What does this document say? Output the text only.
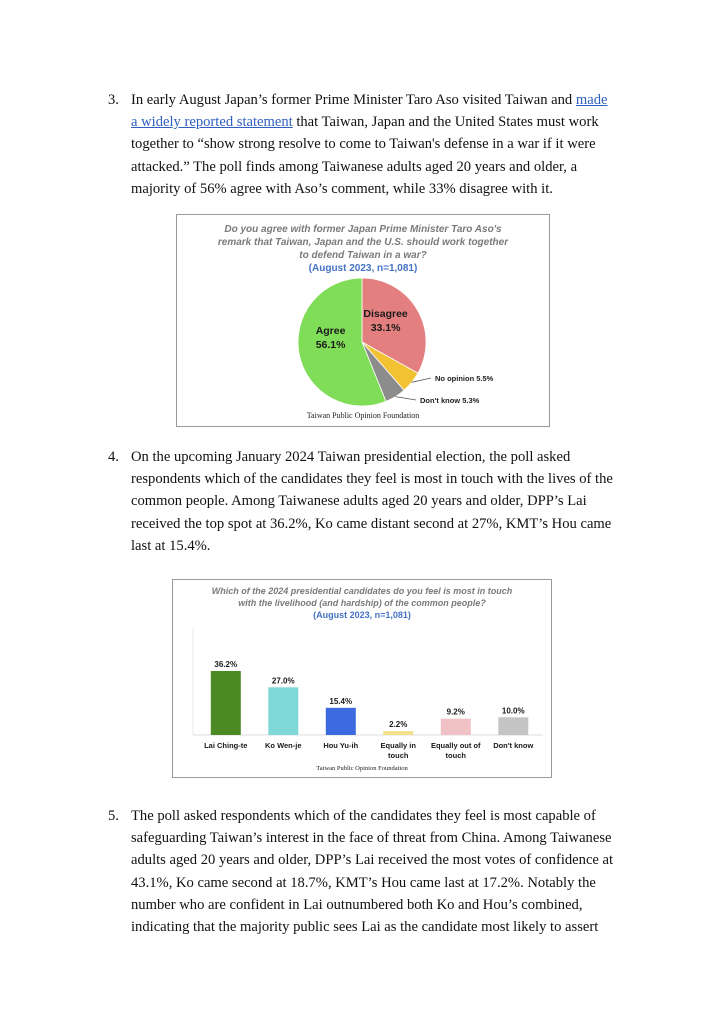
3. In early August Japan’s former Prime Minister Taro Aso visited Taiwan and made
a widely reported statement that Taiwan, Japan and the United States must work
together to “show strong resolve to come to Taiwan's defense in a war if it were
attacked.” The poll finds among Taiwanese adults aged 20 years and older, a
majority of 56% agree with Aso’s comment, while 33% disagree with it.
Do you agree with former Japan Prime Minister Taro Aso's
remark that Taiwan, Japan and the U.S. should work together
to defend Taiwan in a war?
(August 2023, n=1,081)
Disagree
33.1%
Agree
56.1%
No opinion 5.5%
Don't know 5.3%
Taiwan Public Opinion Foundation
4. On the upcoming January 2024 Taiwan presidential election, the poll asked
respondents which of the candidates they feel is most in touch with the lives of the
common people. Among Taiwanese adults aged 20 years and older, DPP’s Lai
received the top spot at 36.2%, Ko came distant second at 27%, KMT’s Hou came
last at 15.4%.
Which of the 2024 presidential candidates do you feel is most in touch
with the livelihood (and hardship) of the common people?
(August 2023, n=1,081)
36.2%
Lai Ching-te
27.0%
Ko Wen-je
15.4%
Hou Yu-ih
2.2%
Equally in
touch
9.2%
Equally out of
touch
10.0%
Don't know
Taiwan Public Opinion Foundation
5. The poll asked respondents which of the candidates they feel is most capable of
safeguarding Taiwan’s interest in the face of threat from China. Among Taiwanese
adults aged 20 years and older, DPP’s Lai received the most votes of confidence at
43.1%, Ko came second at 18.7%, KMT’s Hou came last at 17.2%. Notably the
number who are confident in Lai outnumbered both Ko and Hou’s combined,
indicating that the majority public sees Lai as the candidate most likely to assert
